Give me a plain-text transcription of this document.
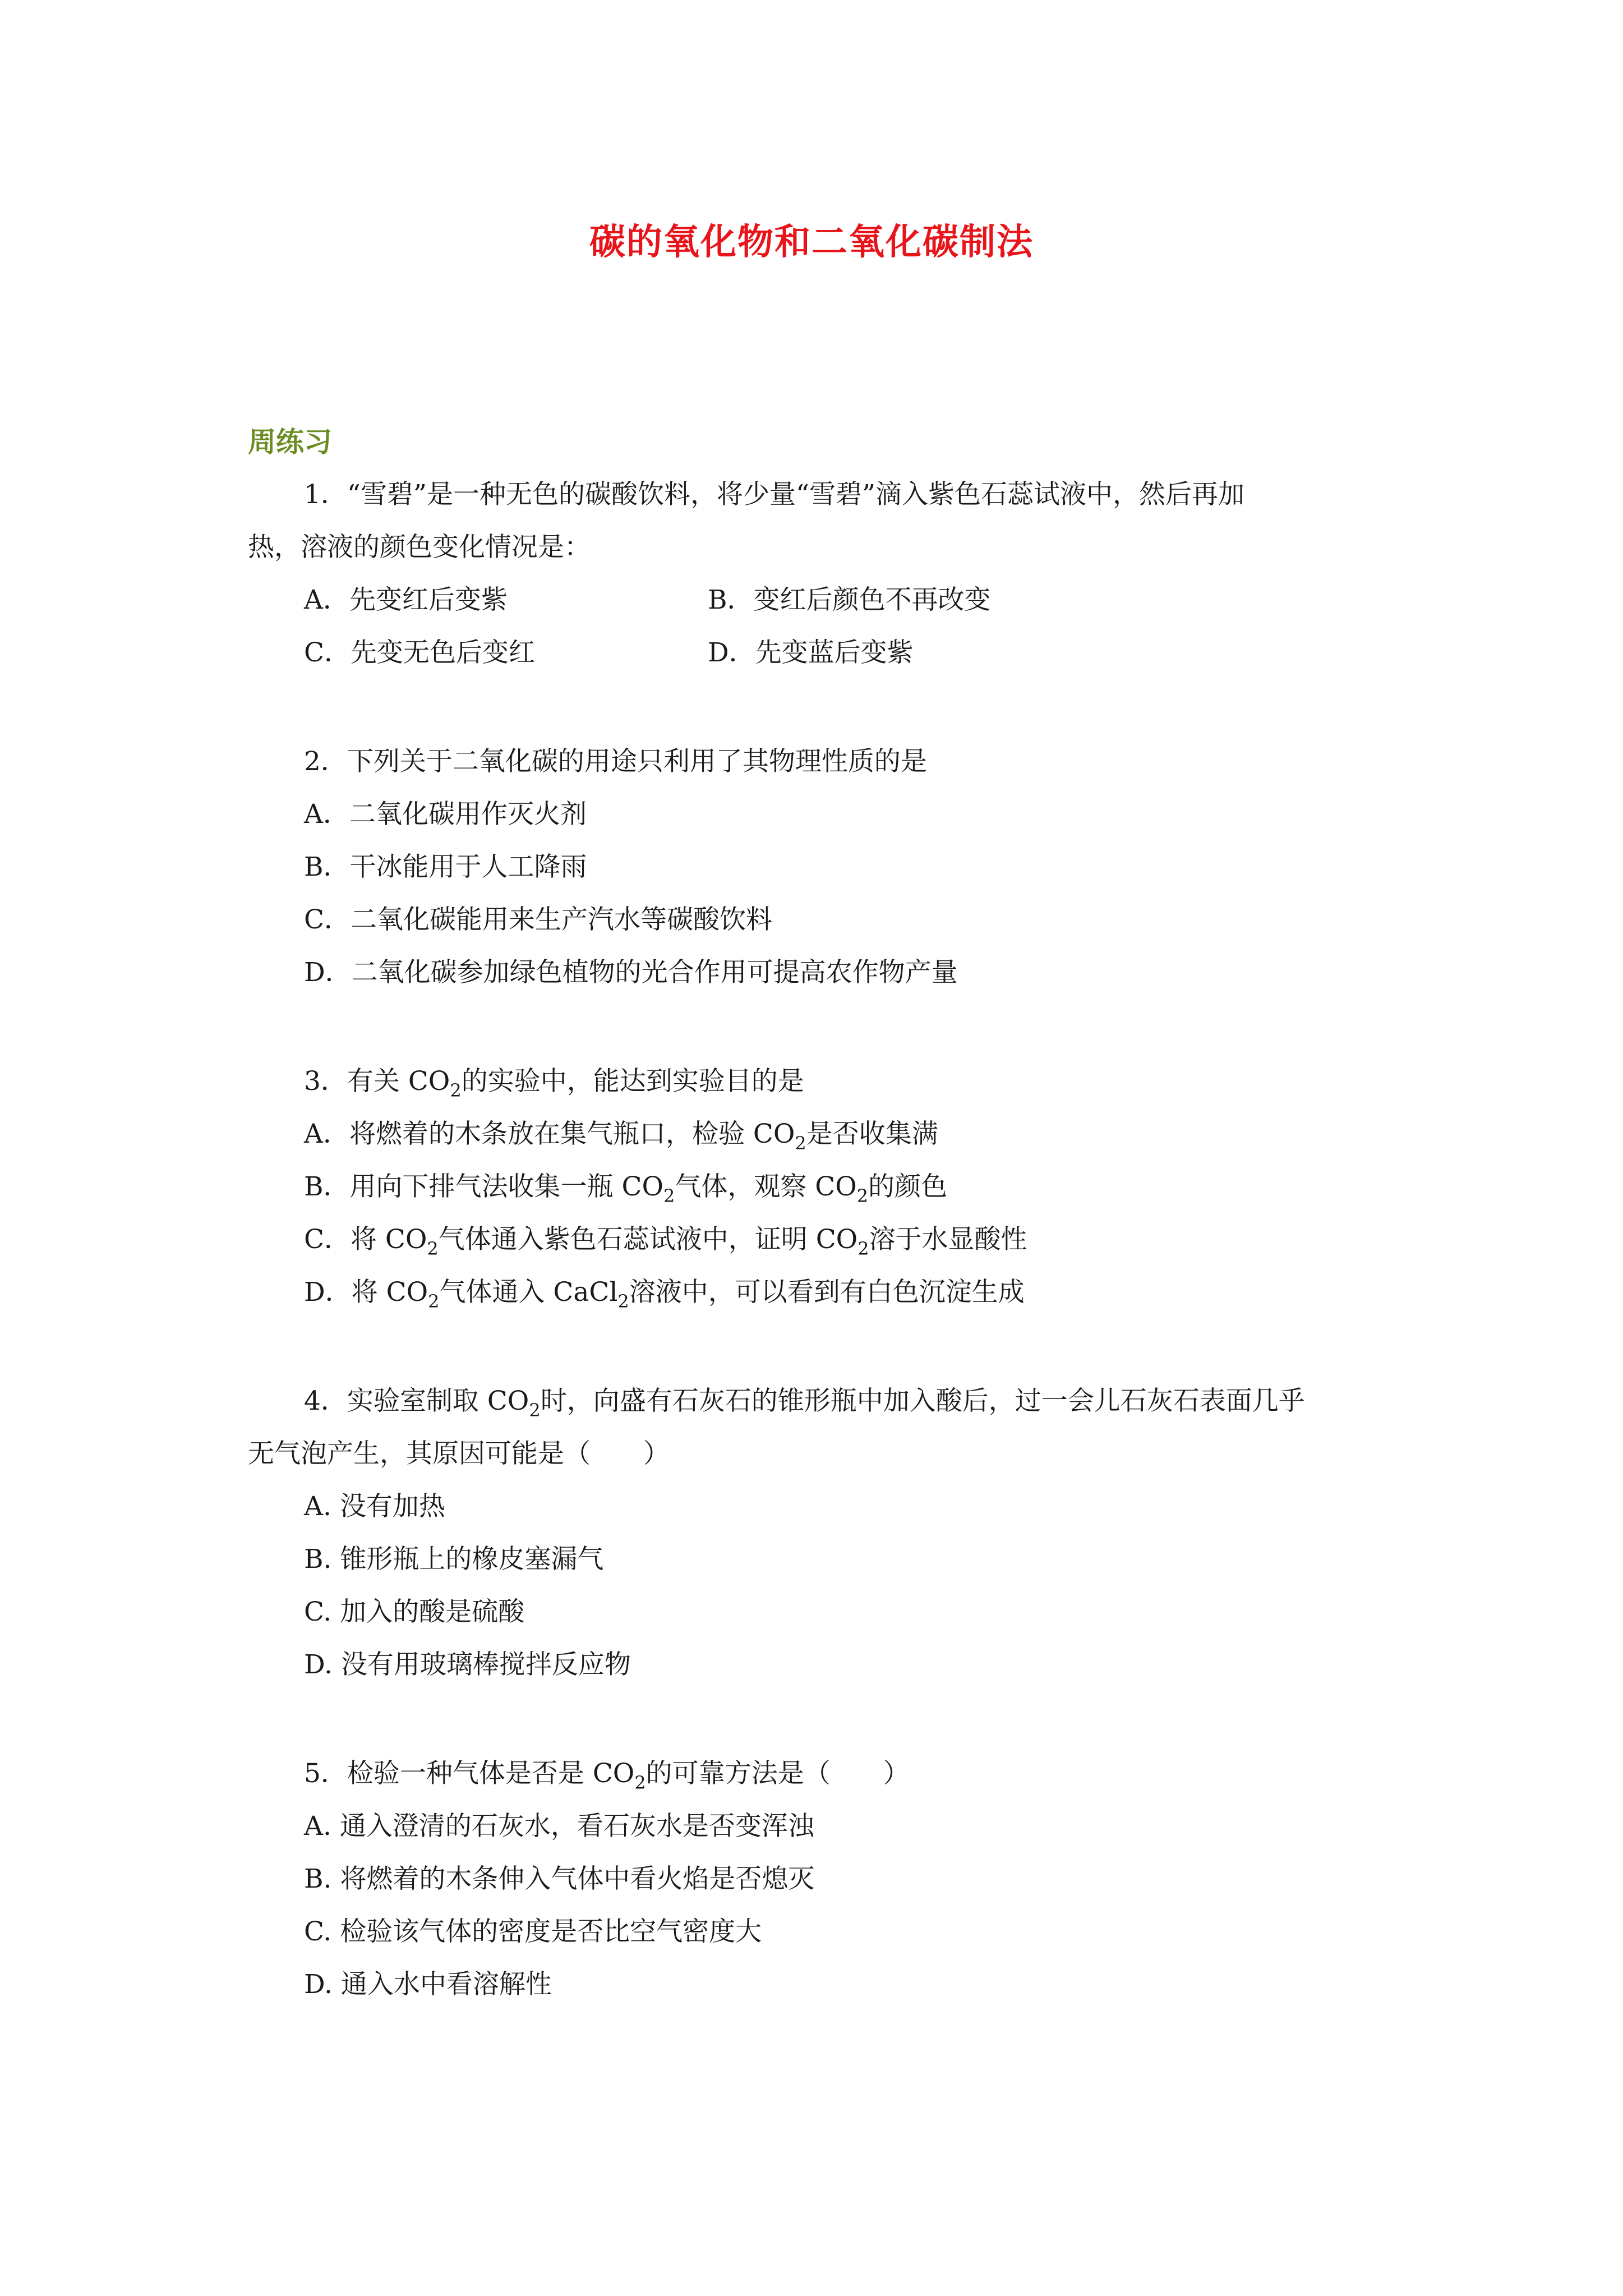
碳的氧化物和二氧化碳制法
周练习
1．“雪碧”是一种无色的碳酸饮料，将少量“雪碧”滴入紫色石蕊试液中，然后再加
热，溶液的颜色变化情况是：
A．先变红后变紫	B．变红后颜色不再改变
C．先变无色后变红	D．先变蓝后变紫
2．下列关于二氧化碳的用途只利用了其物理性质的是
A．二氧化碳用作灭火剂
B．干冰能用于人工降雨
C．二氧化碳能用来生产汽水等碳酸饮料
D．二氧化碳参加绿色植物的光合作用可提高农作物产量
3．有关 $CO_2$的实验中，能达到实验目的是
A．将燃着的木条放在集气瓶口，检验 $CO_2$是否收集满
B．用向下排气法收集一瓶 $CO_2$气体，观察 $CO_2$的颜色
C．将 $CO_2$气体通入紫色石蕊试液中，证明 $CO_2$溶于水显酸性
D．将 $CO_2$气体通入 CaCl$_2$溶液中，可以看到有白色沉淀生成
4．实验室制取 $CO_2$时，向盛有石灰石的锥形瓶中加入酸后，过一会儿石灰石表面几乎
无气泡产生，其原因可能是（　　）
A. 没有加热
B. 锥形瓶上的橡皮塞漏气
C. 加入的酸是硫酸
D. 没有用玻璃棒搅拌反应物
5．检验一种气体是否是 $CO_2$的可靠方法是（　　）
A. 通入澄清的石灰水，看石灰水是否变浑浊
B. 将燃着的木条伸入气体中看火焰是否熄灭
C. 检验该气体的密度是否比空气密度大
D. 通入水中看溶解性
